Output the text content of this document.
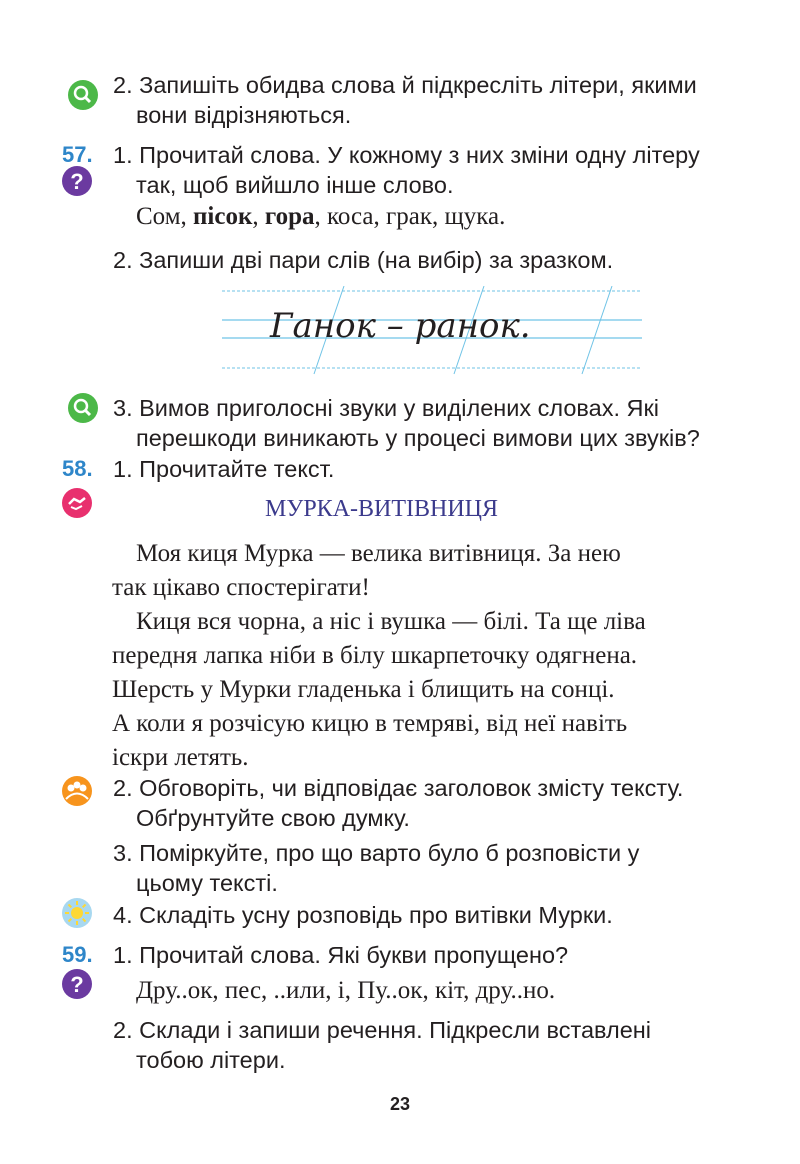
?
?
57.
58.
59.
2. Запишіть обидва слова й підкресліть літери, якими
вони відрізняються.
1. Прочитай слова. У кожному з них зміни одну літеру
так, щоб вийшло інше слово.
Сом, пісок, гора, коса, грак, щука.
2. Запиши дві пари слів (на вибір) за зразком.
Ганок – ранок.
3. Вимов приголосні звуки у виділених словах. Які
перешкоди виникають у процесі вимови цих звуків?
1. Прочитайте текст.
МУРКА-ВИТІВНИЦЯ
Моя киця Мурка — велика витівниця. За нею
так цікаво спостерігати!
Киця вся чорна, а ніс і вушка — білі. Та ще ліва
передня лапка ніби в білу шкарпеточку одягнена.
Шерсть у Мурки гладенька і блищить на сонці.
А коли я розчісую кицю в темряві, від неї навіть
іскри летять.
2. Обговоріть, чи відповідає заголовок змісту тексту.
Обґрунтуйте свою думку.
3. Поміркуйте, про що варто було б розповісти у
цьому тексті.
4. Складіть усну розповідь про витівки Мурки.
1. Прочитай слова. Які букви пропущено?
Дру..ок, пес, ..или, і, Пу..ок, кіт, дру..но.
2. Склади і запиши речення. Підкресли вставлені
тобою літери.
23
